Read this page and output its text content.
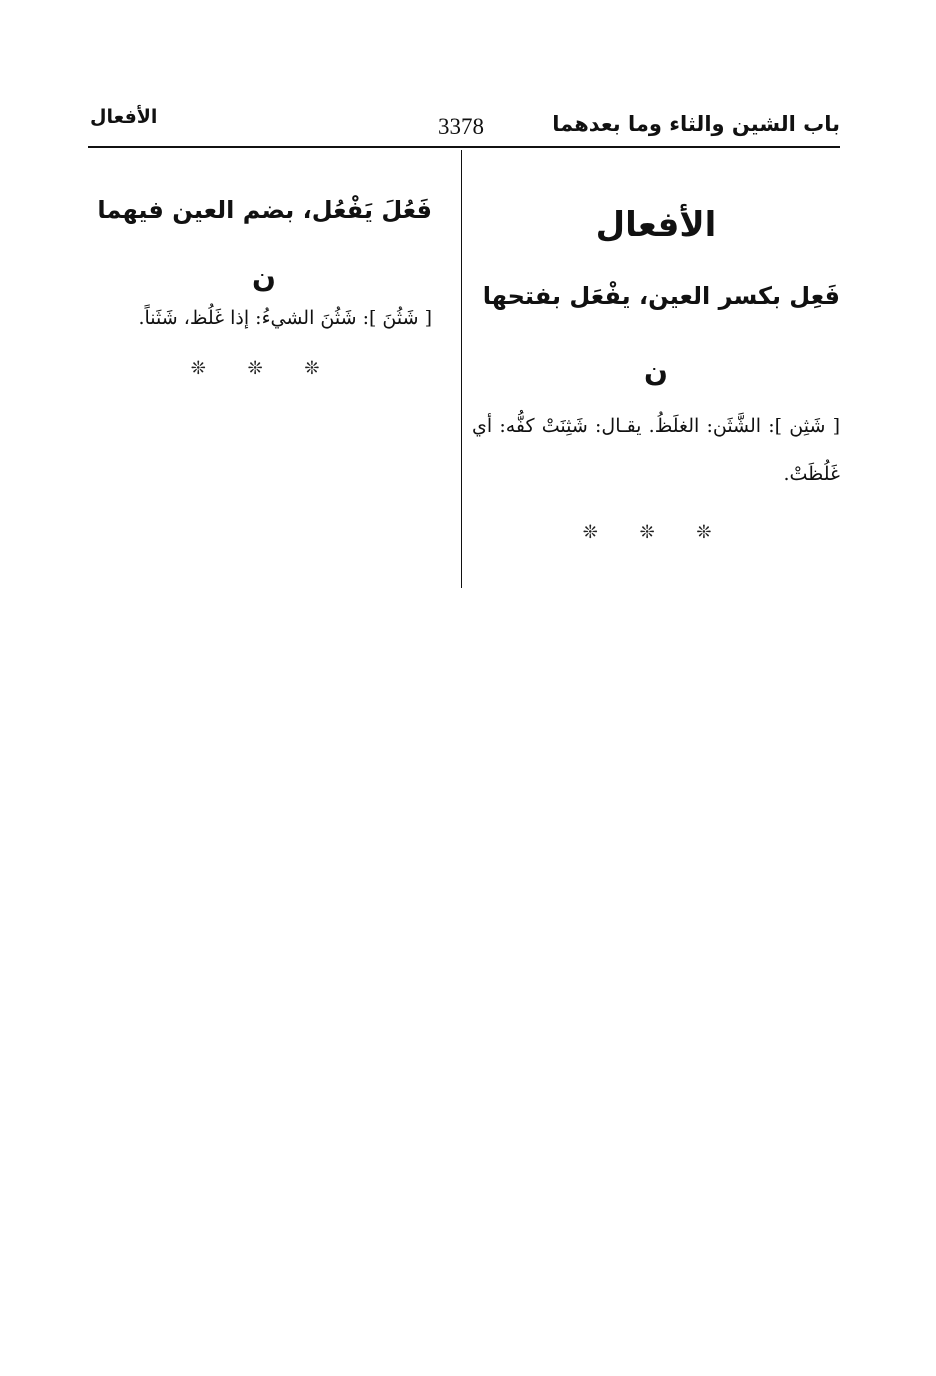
باب الشين والثاء وما بعدهما
3378
الأفعال
الأفعال
فَعِل بكسر العين، يفْعَل بفتحها
ن
[ شَثِن ]: الشَّثَن: الغلَظُ. يقـال: شَثِنَتْ كفُّه: أي غَلُظَتْ.
❊ ❊ ❊
فَعُلَ يَفْعُل، بضم العين فيهما
ن
[ شَثُنَ ]: شَثُنَ الشيءُ: إذا غَلُظ، شَثَناً.
❊ ❊ ❊
